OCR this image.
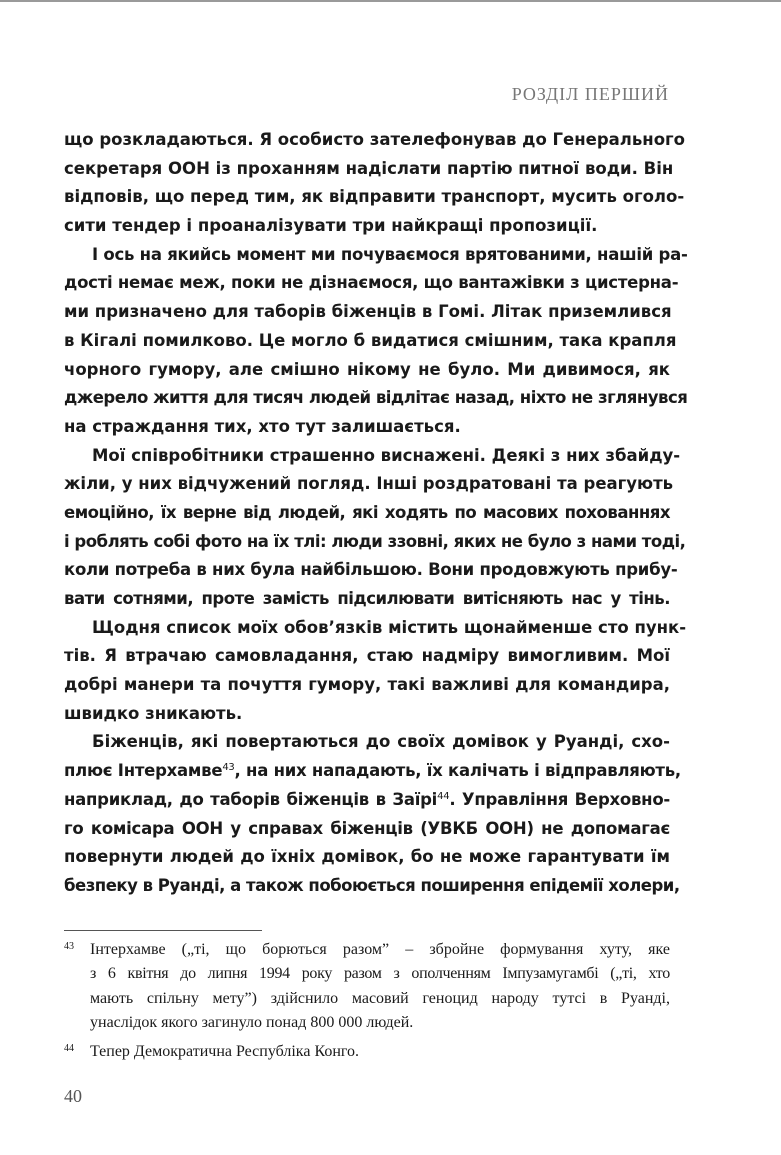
РОЗДІЛ ПЕРШИЙ
що розкладаються. Я особисто зателефонував до Генерального
секретаря ООН із проханням надіслати партію питної води. Він
відповів, що перед тим, як відправити транспорт, мусить оголо-
сити тендер і проаналізувати три найкращі пропозиції.
І ось на якийсь момент ми почуваємося врятованими, нашій ра-
дості немає меж, поки не дізнаємося, що вантажівки з цистерна-
ми призначено для таборів біженців в Гомі. Літак приземлився
в Кігалі помилково. Це могло б видатися смішним, така крапля
чорного гумору, але смішно нікому не було. Ми дивимося, як
джерело життя для тисяч людей відлітає назад, ніхто не зглянувся
на страждання тих, хто тут залишається.
Мої співробітники страшенно виснажені. Деякі з них збайду-
жіли, у них відчужений погляд. Інші роздратовані та реагують
емоційно, їх верне від людей, які ходять по масових похованнях
і роблять собі фото на їх тлі: люди ззовні, яких не було з нами тоді,
коли потреба в них була найбільшою. Вони продовжують прибу-
вати сотнями, проте замість підсилювати витісняють нас у тінь.
Щодня список моїх обов’язків містить щонайменше сто пунк-
тів. Я втрачаю самовладання, стаю надміру вимогливим. Мої
добрі манери та почуття гумору, такі важливі для командира,
швидко зникають.
Біженців, які повертаються до своїх домівок у Руанді, схо-
плює Інтерхамве$^{43}$, на них нападають, їх калічать і відправляють,
наприклад, до таборів біженців в Заїрі$^{44}$. Управління Верховно-
го комісара ООН у справах біженців (УВКБ ООН) не допомагає
повернути людей до їхніх домівок, бо не може гарантувати їм
безпеку в Руанді, а також побоюється поширення епідемії холери,
43 Інтерхамве („ті, що борються разом” – збройне формування хуту, яке
з 6 квітня до липня 1994 року разом з ополченням Імпузамугамбі („ті, хто
мають спільну мету”) здійснило масовий геноцид народу тутсі в Руанді,
унаслідок якого загинуло понад 800 000 людей.
44 Тепер Демократична Республіка Конго.
40
